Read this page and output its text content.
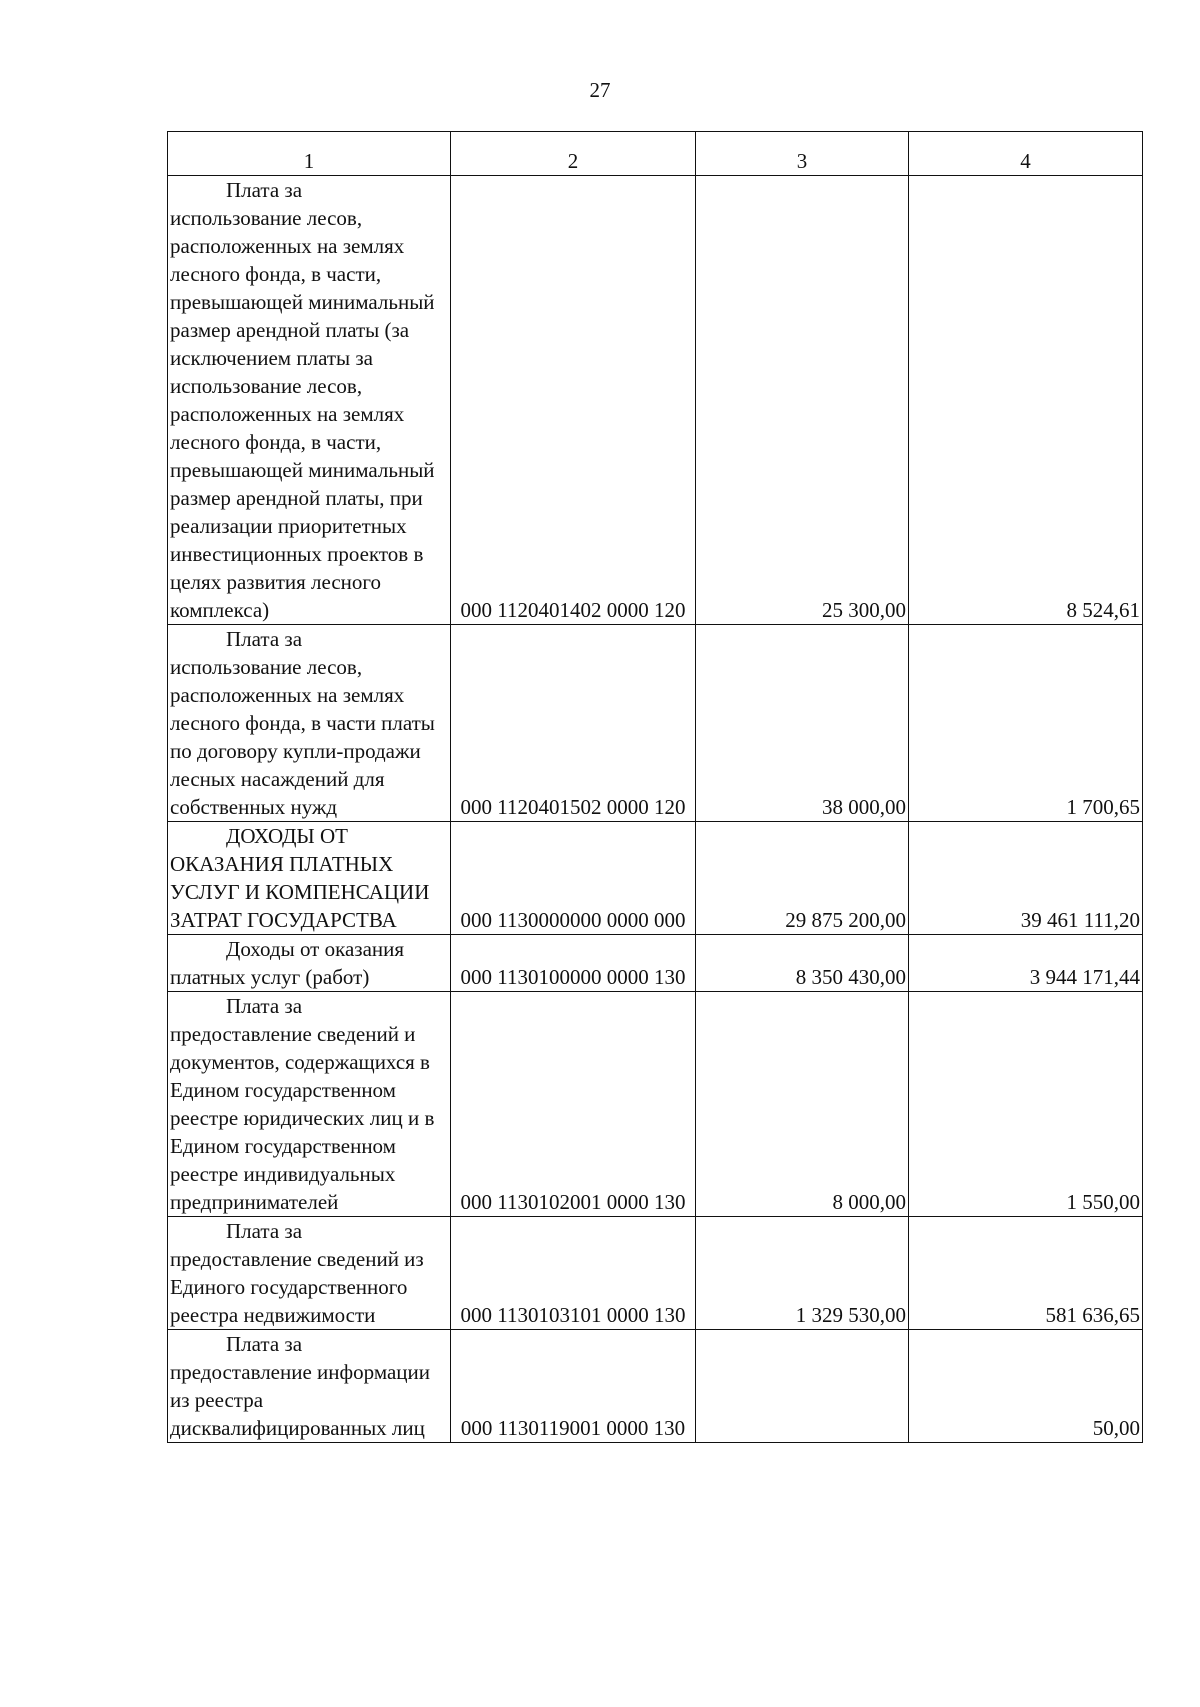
27
1	2	3	4

Плата за
использование лесов, расположенных на землях лесного фонда, в части, превышающей минимальный размер арендной платы (за исключением платы за использование лесов, расположенных на землях лесного фонда, в части, превышающей минимальный размер арендной платы, при реализации приоритетных инвестиционных проектов в целях развития лесного комплекса)	000 1120401402 0000 120	25 300,00	8 524,61

Плата за
использование лесов, расположенных на землях лесного фонда, в части платы по договору купли-продажи лесных насаждений для собственных нужд	000 1120401502 0000 120	38 000,00	1 700,65

ДОХОДЫ ОТ
ОКАЗАНИЯ ПЛАТНЫХ УСЛУГ И КОМПЕНСАЦИИ ЗАТРАТ ГОСУДАРСТВА	000 1130000000 0000 000	29 875 200,00	39 461 111,20

Доходы от оказания
платных услуг (работ)	000 1130100000 0000 130	8 350 430,00	3 944 171,44

Плата за
предоставление сведений и документов, содержащихся в Едином государственном реестре юридических лиц и в Едином государственном реестре индивидуальных предпринимателей	000 1130102001 0000 130	8 000,00	1 550,00

Плата за
предоставление сведений из Единого государственного реестра недвижимости	000 1130103101 0000 130	1 329 530,00	581 636,65

Плата за
предоставление информации из реестра дисквалифицированных лиц	000 1130119001 0000 130		50,00
